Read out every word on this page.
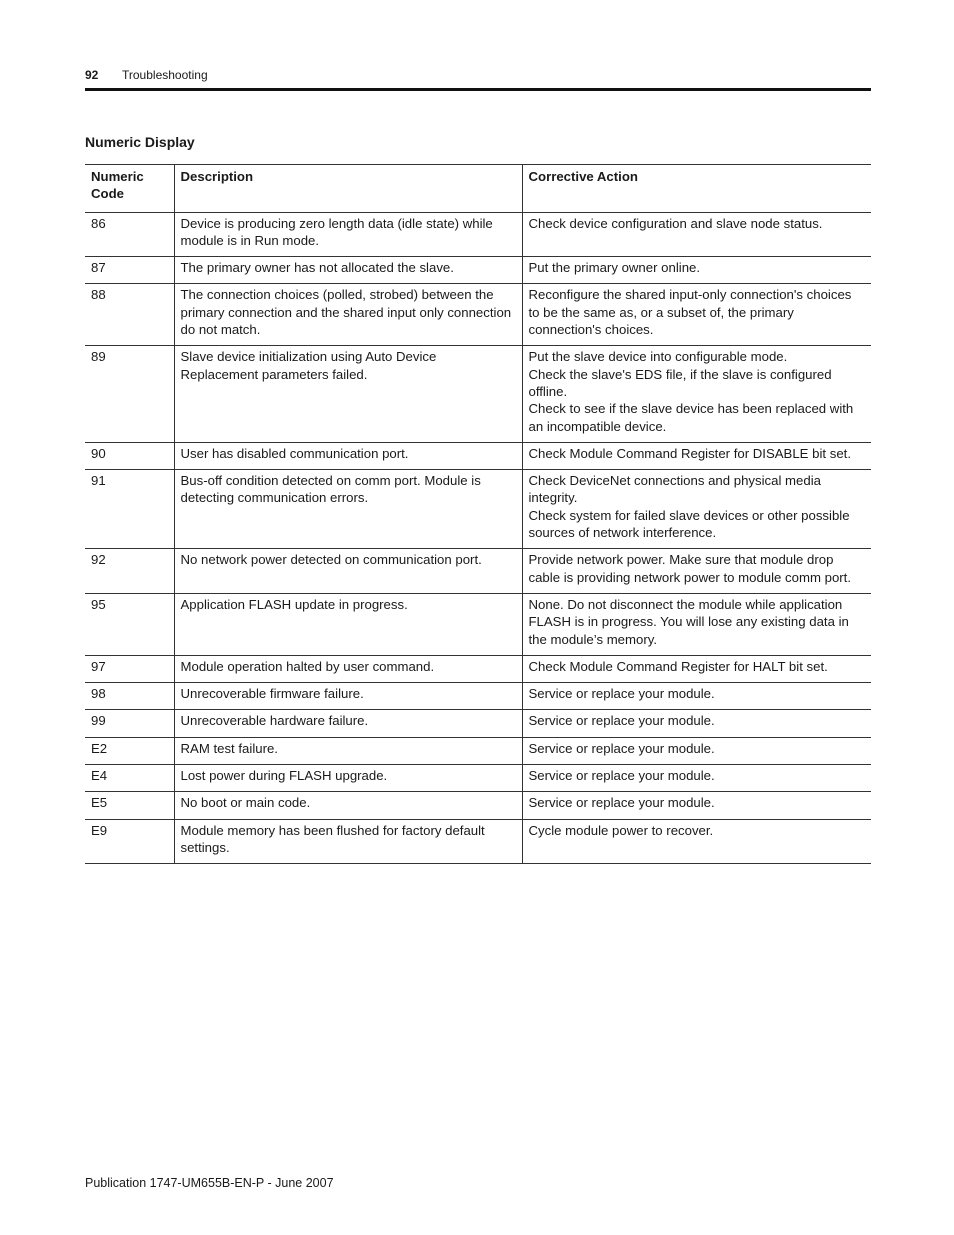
92	Troubleshooting
Numeric Display
Numeric Code	Description	Corrective Action
86	Device is producing zero length data (idle state) while module is in Run mode.	Check device configuration and slave node status.
87	The primary owner has not allocated the slave.	Put the primary owner online.
88	The connection choices (polled, strobed) between the primary connection and the shared input only connection do not match.	Reconfigure the shared input-only connection's choices to be the same as, or a subset of, the primary connection's choices.
89	Slave device initialization using Auto Device Replacement parameters failed.	Put the slave device into configurable mode.
Check the slave's EDS file, if the slave is configured offline.
Check to see if the slave device has been replaced with an incompatible device.
90	User has disabled communication port.	Check Module Command Register for DISABLE bit set.
91	Bus-off condition detected on comm port. Module is detecting communication errors.	Check DeviceNet connections and physical media integrity.
Check system for failed slave devices or other possible sources of network interference.
92	No network power detected on communication port.	Provide network power. Make sure that module drop cable is providing network power to module comm port.
95	Application FLASH update in progress.	None. Do not disconnect the module while application FLASH is in progress. You will lose any existing data in the module’s memory.
97	Module operation halted by user command.	Check Module Command Register for HALT bit set.
98	Unrecoverable firmware failure.	Service or replace your module.
99	Unrecoverable hardware failure.	Service or replace your module.
E2	RAM test failure.	Service or replace your module.
E4	Lost power during FLASH upgrade.	Service or replace your module.
E5	No boot or main code.	Service or replace your module.
E9	Module memory has been flushed for factory default settings.	Cycle module power to recover.
Publication 1747-UM655B-EN-P - June 2007
